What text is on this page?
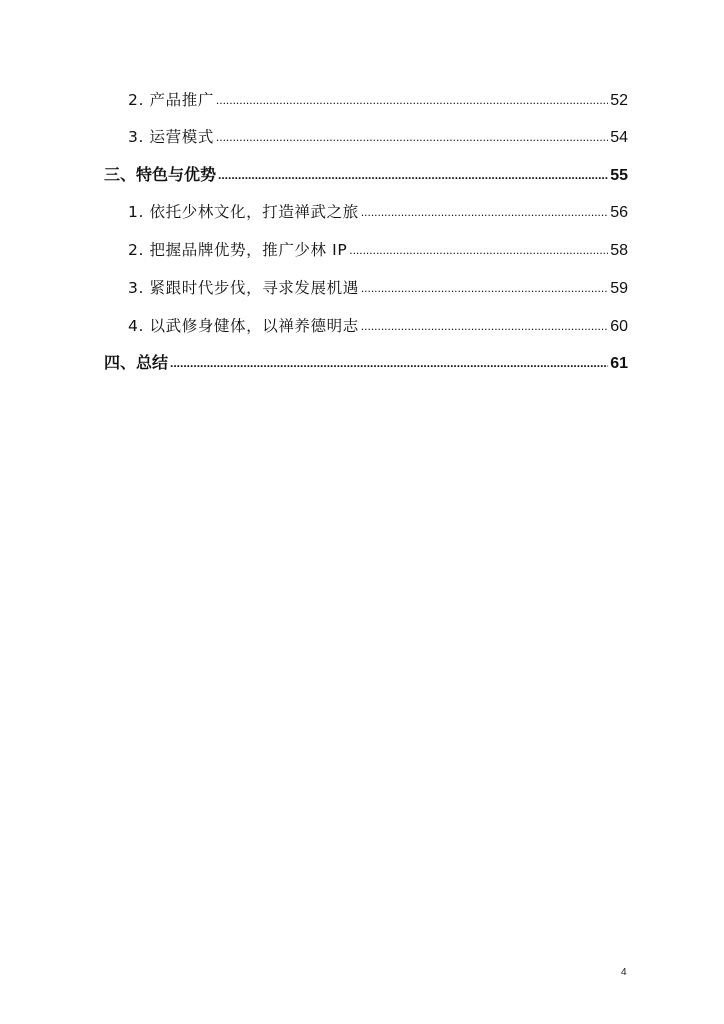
2. 产品推广 .....	52
3. 运营模式 .....	54
三、特色与优势 .....	55
1. 依托少林文化，打造禅武之旅 .....	56
2. 把握品牌优势，推广少林 IP .....	58
3. 紧跟时代步伐，寻求发展机遇 .....	59
4. 以武修身健体，以禅养德明志 .....	60
四、总结 .....	61
4
